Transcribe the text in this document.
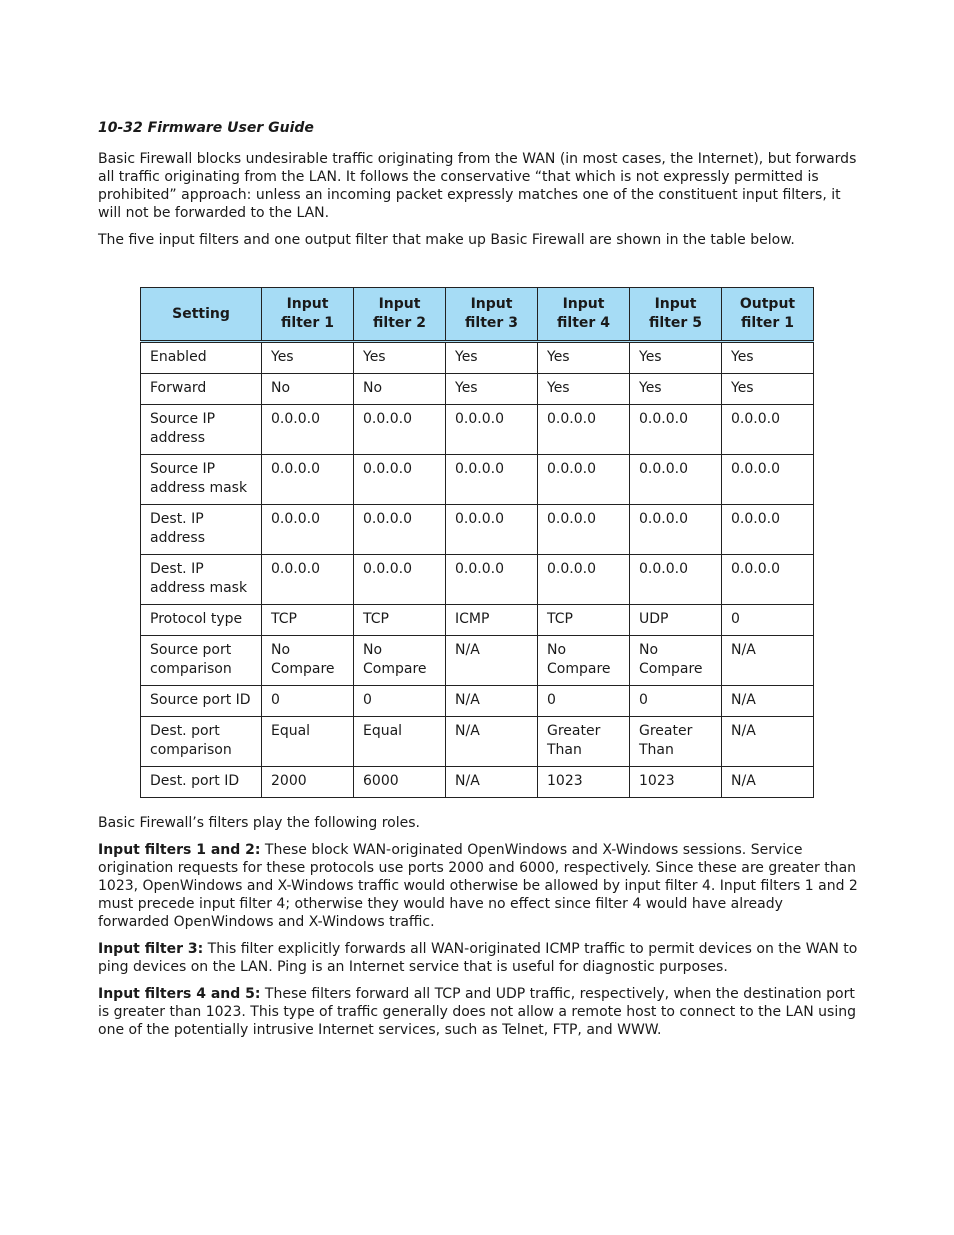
10-32 Firmware User Guide

Basic Firewall blocks undesirable traffic originating from the WAN (in most cases, the Internet), but forwards all traffic originating from the LAN. It follows the conservative “that which is not expressly permitted is prohibited” approach: unless an incoming packet expressly matches one of the constituent input filters, it will not be forwarded to the LAN.

The five input filters and one output filter that make up Basic Firewall are shown in the table below.

Setting	Input filter 1	Input filter 2	Input filter 3	Input filter 4	Input filter 5	Output filter 1
Enabled	Yes	Yes	Yes	Yes	Yes	Yes
Forward	No	No	Yes	Yes	Yes	Yes
Source IP address	0.0.0.0	0.0.0.0	0.0.0.0	0.0.0.0	0.0.0.0	0.0.0.0
Source IP address mask	0.0.0.0	0.0.0.0	0.0.0.0	0.0.0.0	0.0.0.0	0.0.0.0
Dest. IP address	0.0.0.0	0.0.0.0	0.0.0.0	0.0.0.0	0.0.0.0	0.0.0.0
Dest. IP address mask	0.0.0.0	0.0.0.0	0.0.0.0	0.0.0.0	0.0.0.0	0.0.0.0
Protocol type	TCP	TCP	ICMP	TCP	UDP	0
Source port comparison	No Compare	No Compare	N/A	No Compare	No Compare	N/A
Source port ID	0	0	N/A	0	0	N/A
Dest. port comparison	Equal	Equal	N/A	Greater Than	Greater Than	N/A
Dest. port ID	2000	6000	N/A	1023	1023	N/A

Basic Firewall’s filters play the following roles.

Input filters 1 and 2: These block WAN-originated OpenWindows and X-Windows sessions. Service origination requests for these protocols use ports 2000 and 6000, respectively. Since these are greater than 1023, OpenWindows and X-Windows traffic would otherwise be allowed by input filter 4. Input filters 1 and 2 must precede input filter 4; otherwise they would have no effect since filter 4 would have already forwarded OpenWindows and X-Windows traffic.

Input filter 3: This filter explicitly forwards all WAN-originated ICMP traffic to permit devices on the WAN to ping devices on the LAN. Ping is an Internet service that is useful for diagnostic purposes.

Input filters 4 and 5: These filters forward all TCP and UDP traffic, respectively, when the destination port is greater than 1023. This type of traffic generally does not allow a remote host to connect to the LAN using one of the potentially intrusive Internet services, such as Telnet, FTP, and WWW.
